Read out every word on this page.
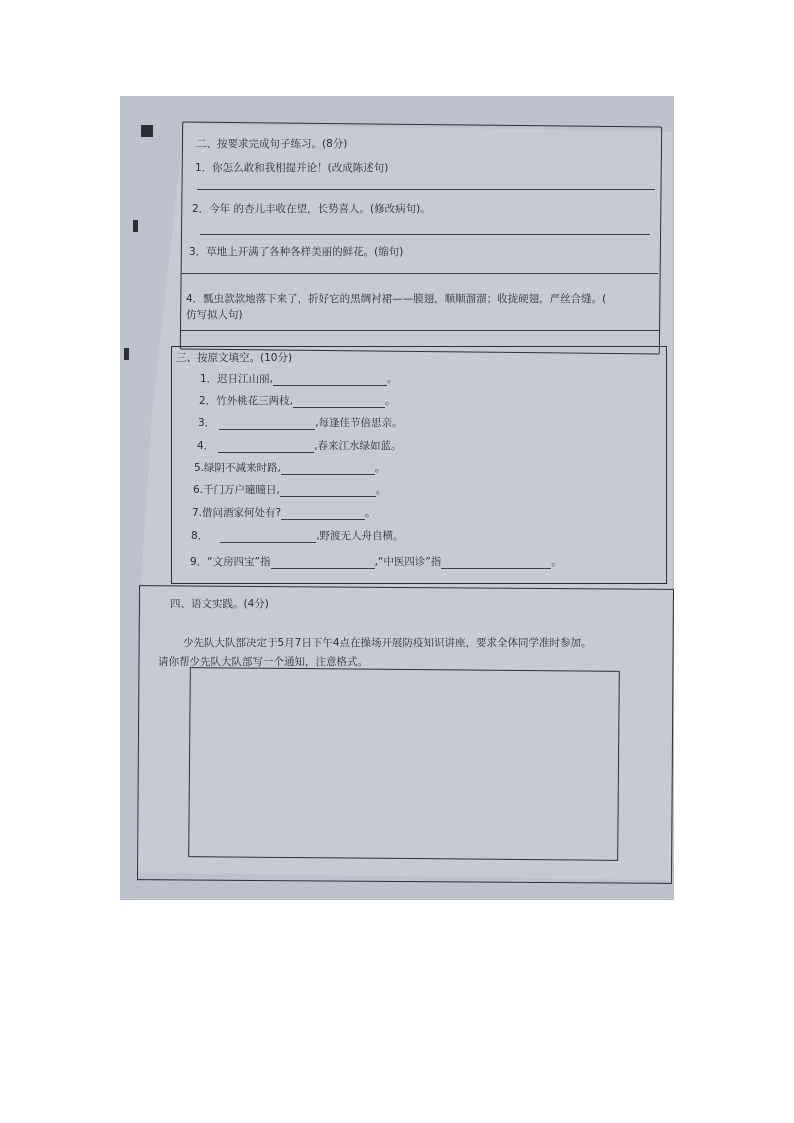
二、按要求完成句子练习。(8分)
1．你怎么敢和我相提并论！(改成陈述句)
2．今年 的杏儿丰收在望，长势喜人。(修改病句)。
3．草地上开满了各种各样美丽的鲜花。(缩句)
4．瓢虫款款地落下来了，折好它的黑绸衬裙——膜翅，顺顺溜溜；收拢硬翅，严丝合缝。(
仿写拟人句)
三、按原文填空。(10分)
1．迟日江山丽,	。
2．竹外桃花三两枝,	。
3．	,每逢佳节倍思亲。
4．	,春来江水绿如蓝。
5.绿阴不减来时路,	。
6.千门万户曈曈日,	。
7.借问酒家何处有?	。
8．	,野渡无人舟自横。
9．“文房四宝”指	,“中医四诊”指	。
四、语文实践。(4分)
少先队大队部决定于5月7日下午4点在操场开展防疫知识讲座，要求全体同学准时参加。
请你帮少先队大队部写一个通知，注意格式。
